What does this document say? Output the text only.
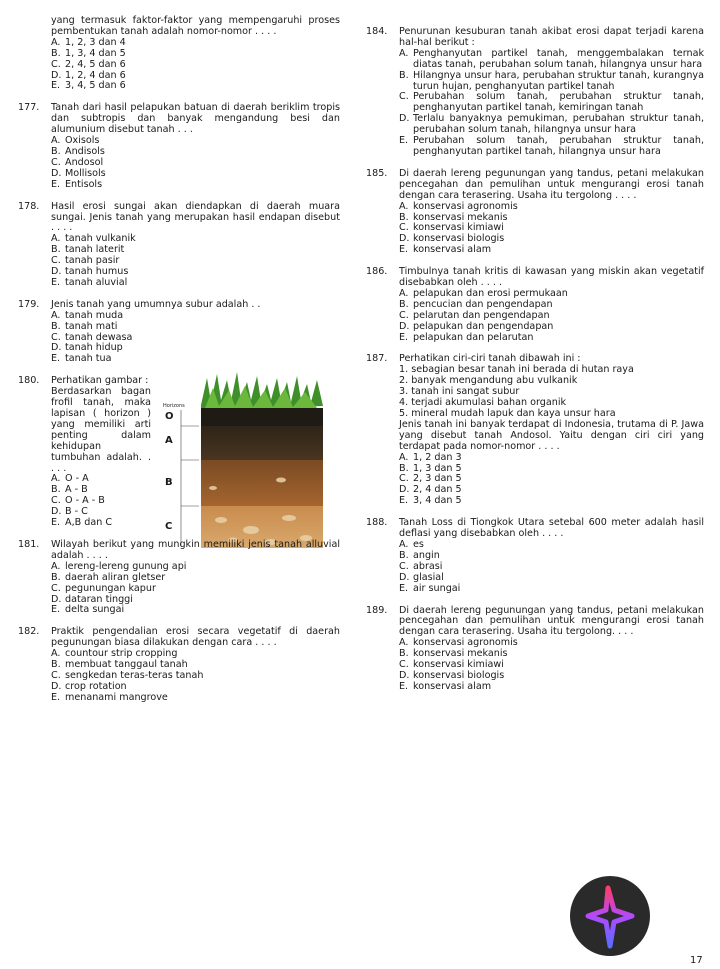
yang termasuk faktor-faktor yang mempengaruhi proses pembentukan tanah adalah nomor-nomor . . . .
A. 1, 2, 3 dan 4
B. 1, 3, 4 dan 5
C. 2, 4, 5 dan 6
D. 1, 2, 4 dan 6
E. 3, 4, 5 dan 6
177.	Tanah dari hasil pelapukan batuan di daerah beriklim tropis dan subtropis dan banyak mengandung besi dan alumunium disebut tanah . . .
A. Oxisols
B. Andisols
C. Andosol
D. Mollisols
E. Entisols
178.	Hasil erosi sungai akan diendapkan di daerah muara sungai. Jenis tanah yang merupakan hasil endapan disebut . . . .
A. tanah vulkanik
B. tanah laterit
C. tanah pasir
D. tanah humus
E. tanah aluvial
179.	Jenis tanah yang umumnya subur adalah . .
A. tanah muda
B. tanah mati
C. tanah dewasa
D. tanah hidup
E. tanah tua
180.	Perhatikan gambar :
Berdasarkan bagan frofil tanah, maka lapisan ( horizon ) yang memiliki arti penting dalam kehidupan tumbuhan adalah. . . . .
A. O - A
B. A - B
C. O - A - B
D. B - C
E. A,B dan C
Horizons
O
A
B
C
181.	Wilayah berikut yang mungkin memiliki jenis tanah alluvial adalah . . . .
A. lereng-lereng gunung api
B. daerah aliran gletser
C. pegunungan kapur
D. dataran tinggi
E. delta sungai
182.	Praktik pengendalian erosi secara vegetatif di daerah pegunungan biasa dilakukan dengan cara . . . .
A. countour strip cropping
B. membuat tanggaul tanah
C. sengkedan teras-teras tanah
D. crop rotation
E. menanami mangrove
184.	Penurunan kesuburan tanah akibat erosi dapat terjadi karena hal-hal berikut :
A. Penghanyutan partikel tanah, menggembalakan ternak diatas tanah, perubahan solum tanah, hilangnya unsur hara
B. Hilangnya unsur hara, perubahan struktur tanah, kurangnya turun hujan, penghanyutan partikel tanah
C. Perubahan solum tanah, perubahan struktur tanah, penghanyutan partikel tanah, kemiringan tanah
D. Terlalu banyaknya pemukiman, perubahan struktur tanah, perubahan solum tanah, hilangnya unsur hara
E. Perubahan solum tanah, perubahan struktur tanah, penghanyutan partikel tanah, hilangnya unsur hara
185.	Di daerah lereng pegunungan yang tandus, petani melakukan pencegahan dan pemulihan untuk mengurangi erosi tanah dengan cara terasering. Usaha itu tergolong . . . .
A. konservasi agronomis
B. konservasi mekanis
C. konservasi kimiawi
D. konservasi biologis
E. konservasi alam
186.	Timbulnya tanah kritis di kawasan yang miskin akan vegetatif disebabkan oleh . . . .
A. pelapukan dan erosi permukaan
B. pencucian dan pengendapan
C. pelarutan dan pengendapan
D. pelapukan dan pengendapan
E. pelapukan dan pelarutan
187.	Perhatikan ciri-ciri tanah dibawah ini :
1. sebagian besar tanah ini berada di hutan raya
2. banyak mengandung abu vulkanik
3. tanah ini sangat subur
4. terjadi akumulasi bahan organik
5. mineral mudah lapuk dan kaya unsur hara
Jenis tanah ini banyak terdapat di Indonesia, trutama di P. Jawa yang disebut tanah Andosol. Yaitu dengan ciri ciri yang terdapat pada nomor-nomor . . . .
A. 1, 2 dan 3
B. 1, 3 dan 5
C. 2, 3 dan 5
D. 2, 4 dan 5
E. 3, 4 dan 5
188.	Tanah Loss di Tiongkok Utara setebal 600 meter adalah hasil deflasi yang disebabkan oleh . . . .
A. es
B. angin
C. abrasi
D. glasial
E. air sungai
189.	Di daerah lereng pegunungan yang tandus, petani melakukan pencegahan dan pemulihan untuk mengurangi erosi tanah dengan cara terasering. Usaha itu tergolong. . . .
A. konservasi agronomis
B. konservasi mekanis
C. konservasi kimiawi
D. konservasi biologis
E. konservasi alam
17
